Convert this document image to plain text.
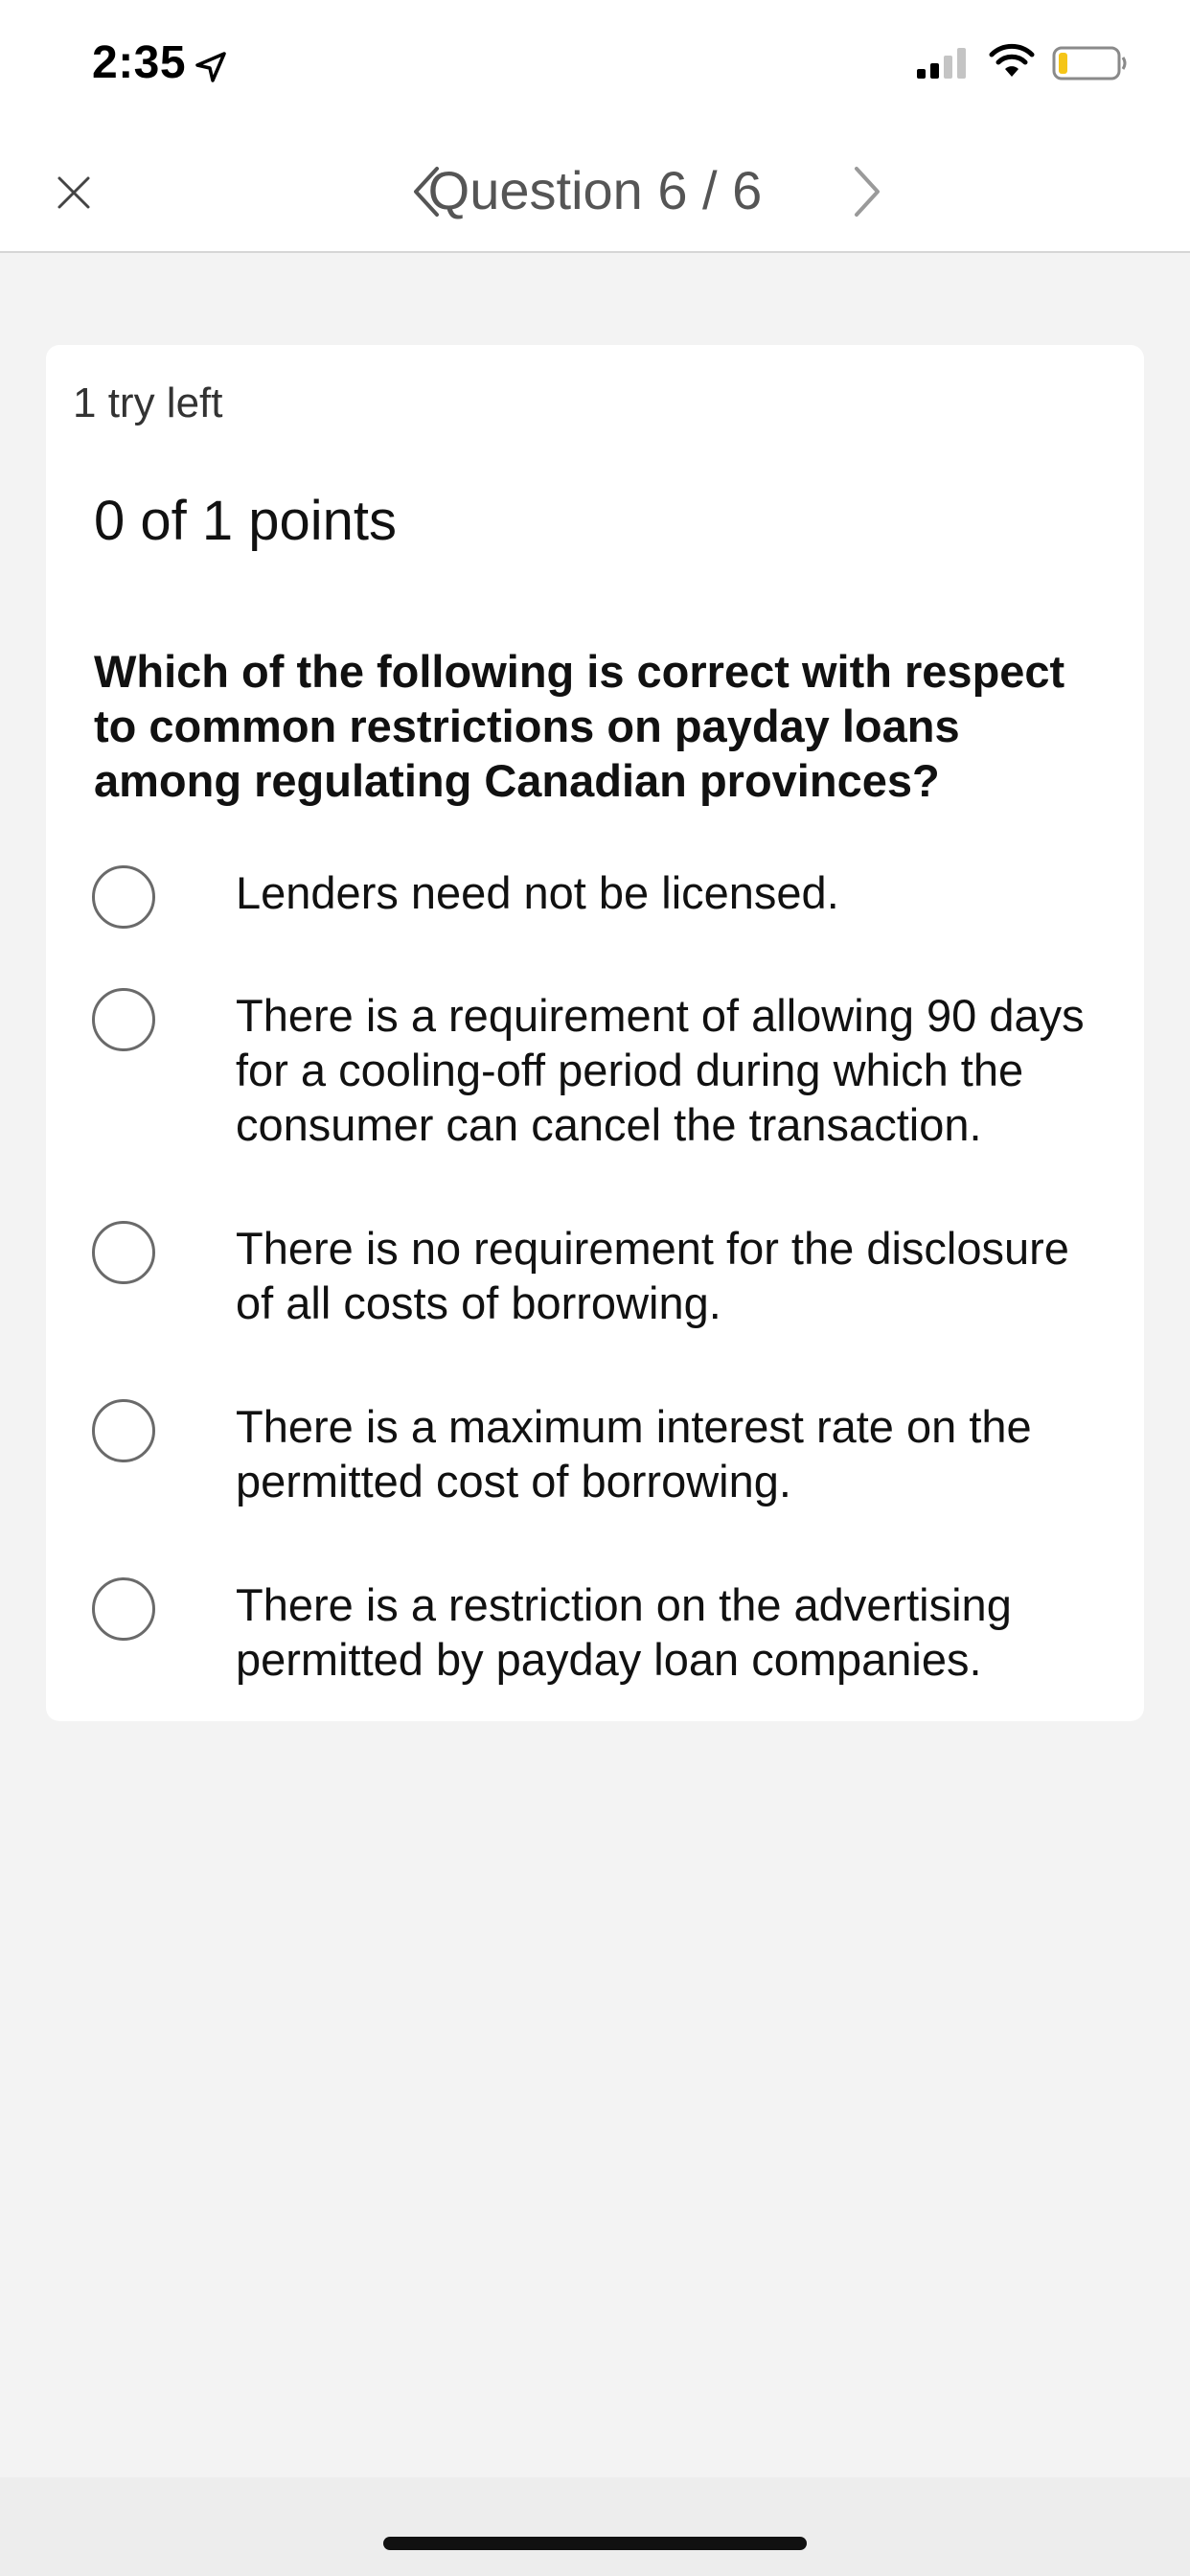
2:35
Question 6 / 6
1 try left
0 of 1 points
Which of the following is correct with respect to common restrictions on payday loans among regulating Canadian provinces?
Lenders need not be licensed.
There is a requirement of allowing 90 days for a cooling-off period during which the consumer can cancel the transaction.
There is no requirement for the disclosure of all costs of borrowing.
There is a maximum interest rate on the permitted cost of borrowing.
There is a restriction on the advertising permitted by payday loan companies.
